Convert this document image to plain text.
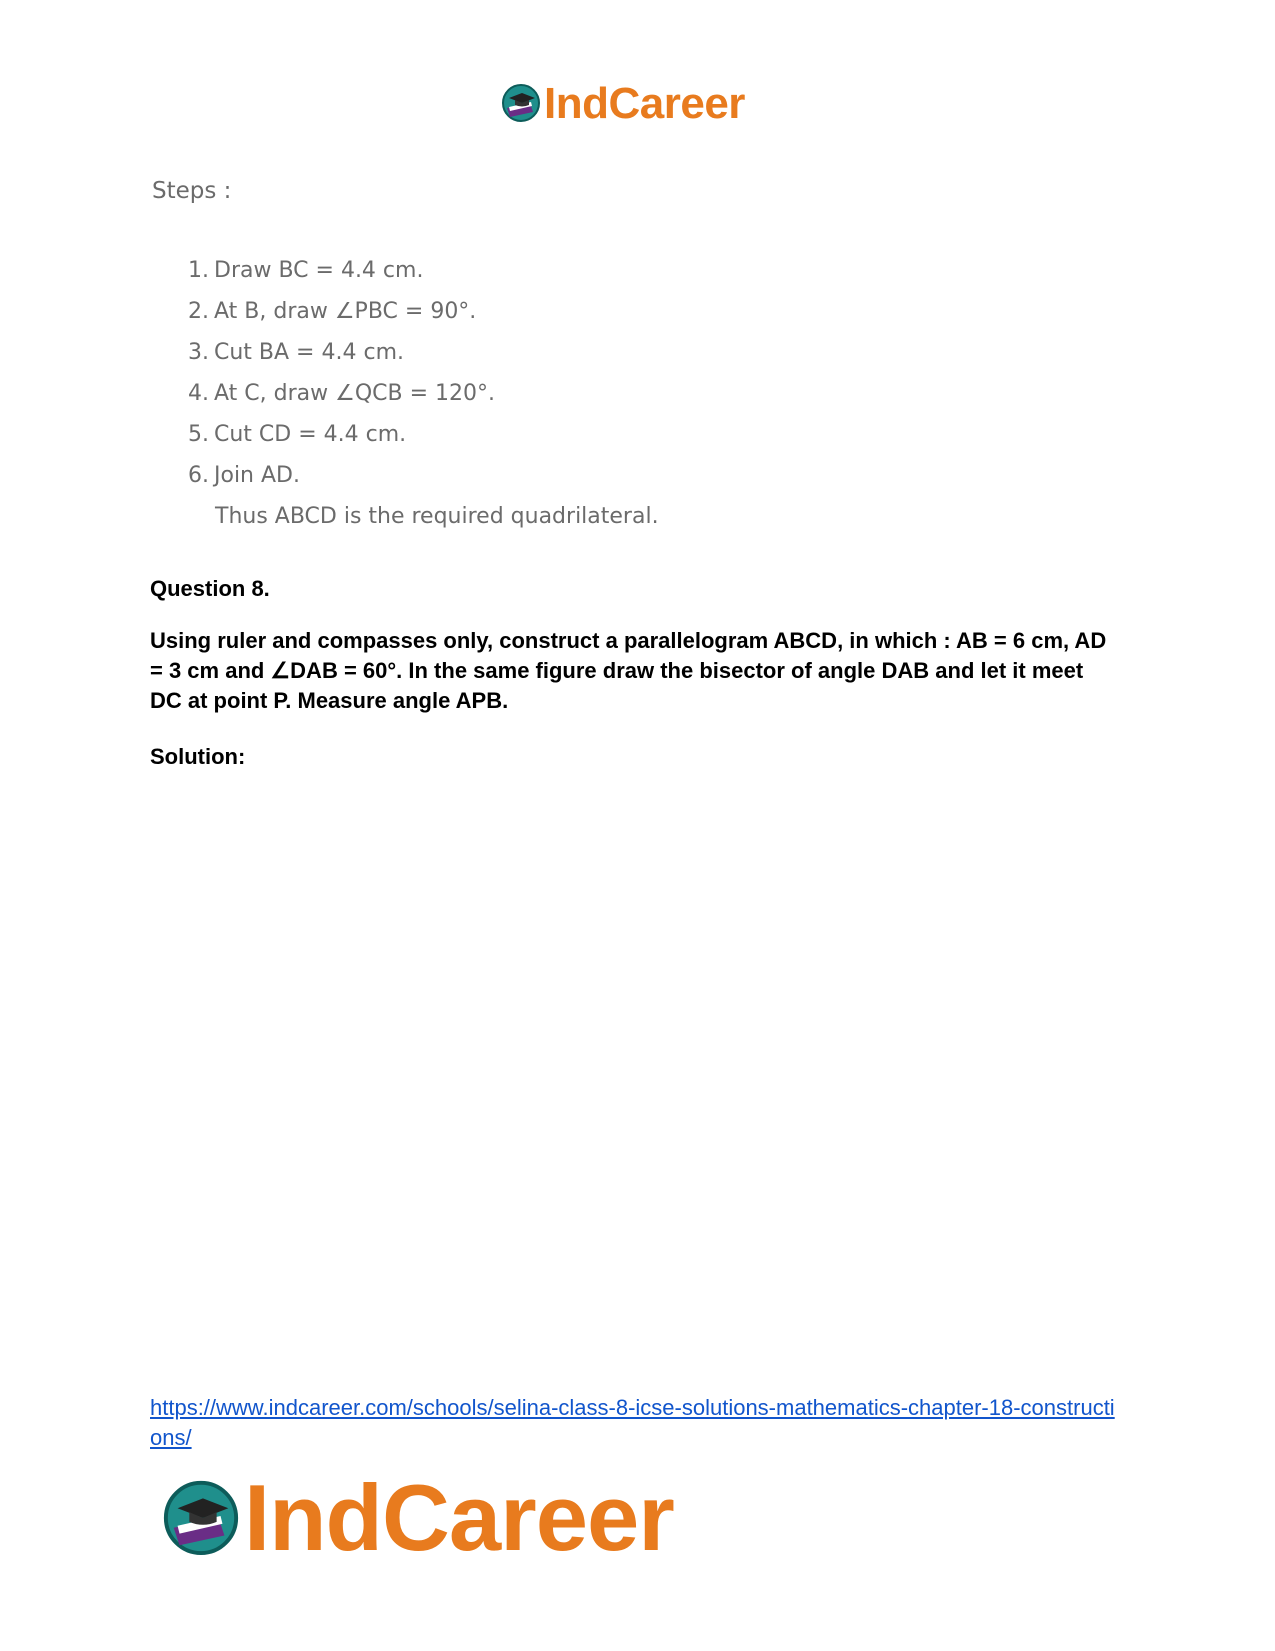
IndCareer
Steps :
1. Draw BC = 4.4 cm.
2. At B, draw ∠PBC = 90°.
3. Cut BA = 4.4 cm.
4. At C, draw ∠QCB = 120°.
5. Cut CD = 4.4 cm.
6. Join AD.
Thus ABCD is the required quadrilateral.
Question 8.
Using ruler and compasses only, construct a parallelogram ABCD, in which : AB = 6 cm, AD = 3 cm and ∠DAB = 60°. In the same figure draw the bisector of angle DAB and let it meet DC at point P. Measure angle APB.
Solution:
https://www.indcareer.com/schools/selina-class-8-icse-solutions-mathematics-chapter-18-constructions/
IndCareer
